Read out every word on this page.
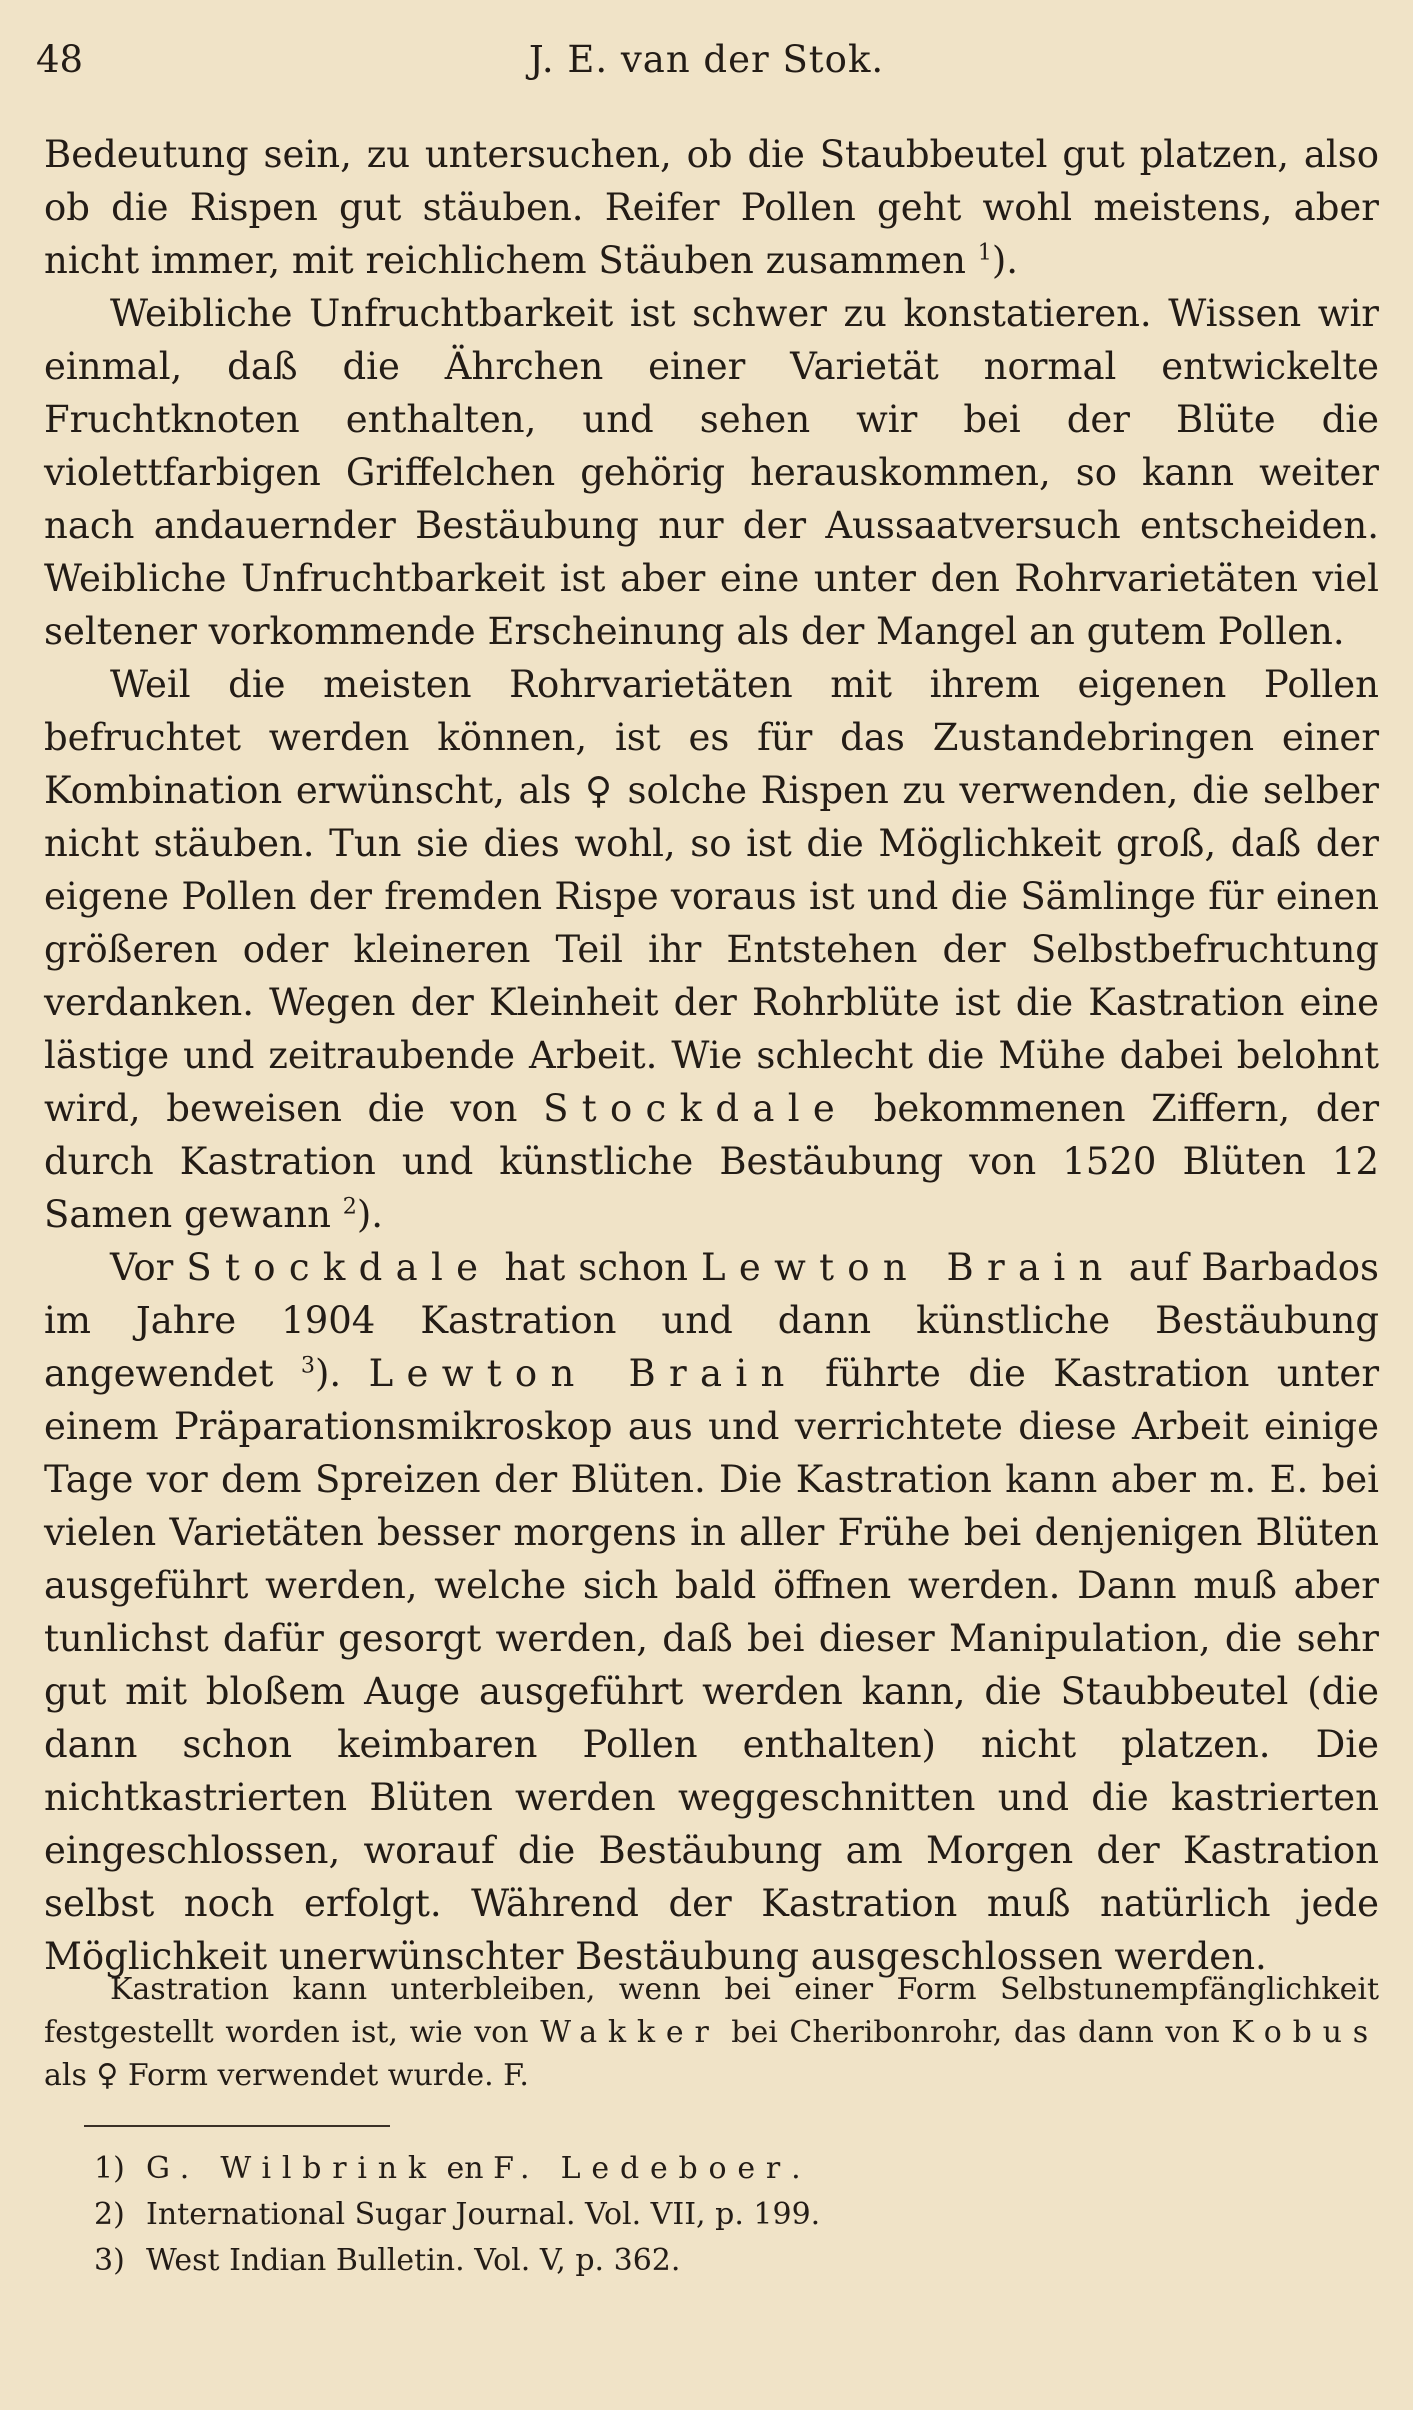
48	J. E. van der Stok.

Bedeutung sein, zu untersuchen, ob die Staubbeutel gut platzen, also ob die Rispen gut stäuben. Reifer Pollen geht wohl meistens, aber nicht immer, mit reichlichem Stäuben zusammen $^1$).

Weibliche Unfruchtbarkeit ist schwer zu konstatieren. Wissen wir einmal, daß die Ährchen einer Varietät normal entwickelte Fruchtknoten enthalten, und sehen wir bei der Blüte die violettfarbigen Griffelchen gehörig herauskommen, so kann weiter nach andauernder Bestäubung nur der Aussaatversuch entscheiden. Weibliche Unfruchtbarkeit ist aber eine unter den Rohrvarietäten viel seltener vorkommende Erscheinung als der Mangel an gutem Pollen.

Weil die meisten Rohrvarietäten mit ihrem eigenen Pollen befruchtet werden können, ist es für das Zustandebringen einer Kombination erwünscht, als ♀ solche Rispen zu verwenden, die selber nicht stäuben. Tun sie dies wohl, so ist die Möglichkeit groß, daß der eigene Pollen der fremden Rispe voraus ist und die Sämlinge für einen größeren oder kleineren Teil ihr Entstehen der Selbstbefruchtung verdanken. Wegen der Kleinheit der Rohrblüte ist die Kastration eine lästige und zeitraubende Arbeit. Wie schlecht die Mühe dabei belohnt wird, beweisen die von Stockdale bekommenen Ziffern, der durch Kastration und künstliche Bestäubung von 1520 Blüten 12 Samen gewann $^2$).

Vor Stockdale hat schon Lewton Brain auf Barbados im Jahre 1904 Kastration und dann künstliche Bestäubung angewendet $^3$). Lewton Brain führte die Kastration unter einem Präparationsmikroskop aus und verrichtete diese Arbeit einige Tage vor dem Spreizen der Blüten. Die Kastration kann aber m. E. bei vielen Varietäten besser morgens in aller Frühe bei denjenigen Blüten ausgeführt werden, welche sich bald öffnen werden. Dann muß aber tunlichst dafür gesorgt werden, daß bei dieser Manipulation, die sehr gut mit bloßem Auge ausgeführt werden kann, die Staubbeutel (die dann schon keimbaren Pollen enthalten) nicht platzen. Die nichtkastrierten Blüten werden weggeschnitten und die kastrierten eingeschlossen, worauf die Bestäubung am Morgen der Kastration selbst noch erfolgt. Während der Kastration muß natürlich jede Möglichkeit unerwünschter Bestäubung ausgeschlossen werden.

Kastration kann unterbleiben, wenn bei einer Form Selbstunempfänglichkeit festgestellt worden ist, wie von Wakker bei Cheribonrohr, das dann von Kobus als ♀ Form verwendet wurde. F.

1) G. Wilbrink en F. Ledeboer.
2) International Sugar Journal. Vol. VII, p. 199.
3) West Indian Bulletin. Vol. V, p. 362.
